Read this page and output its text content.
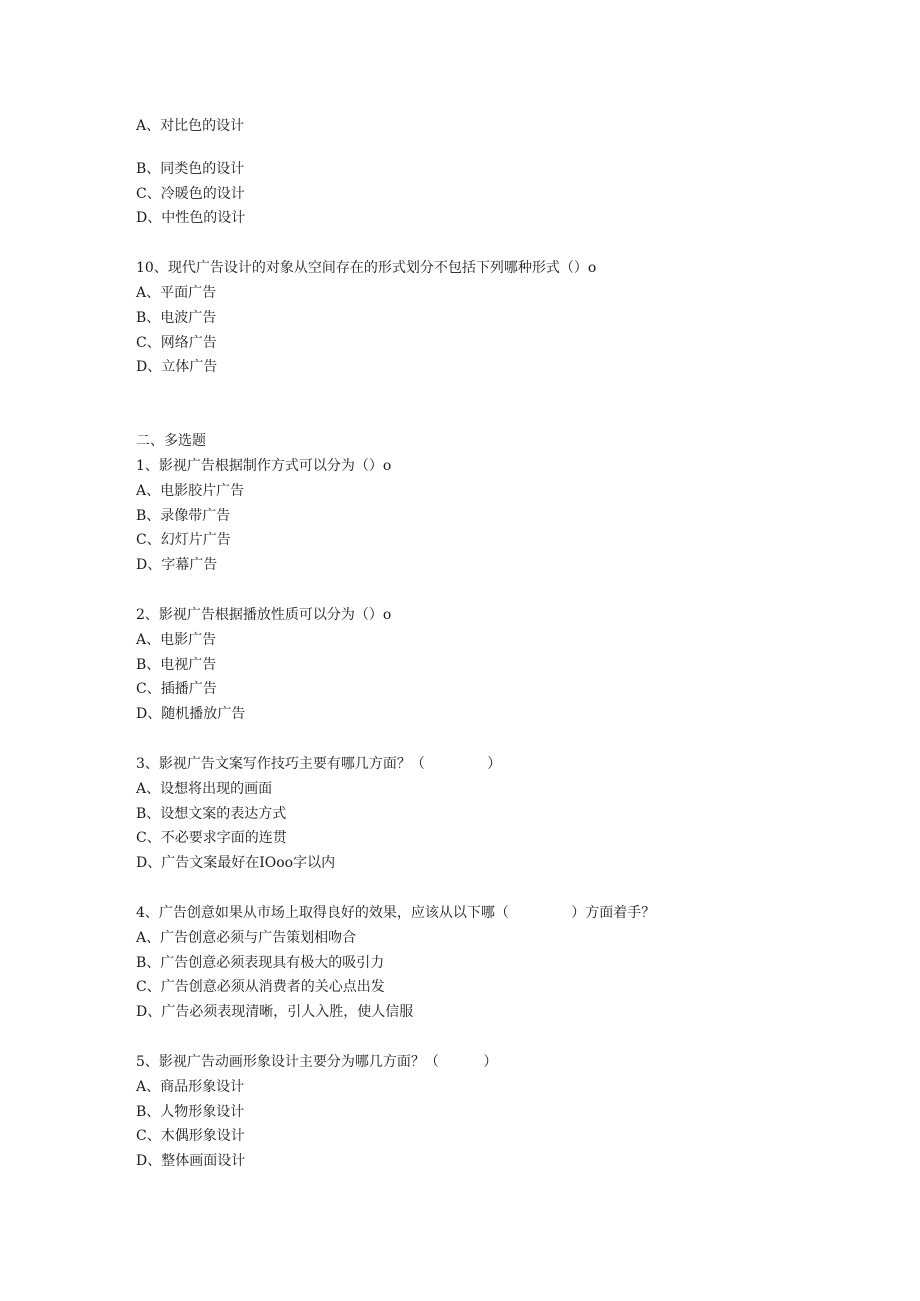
A、对比色的设计
B、同类色的设计
C、冷暖色的设计
D、中性色的设计
10、现代广告设计的对象从空间存在的形式划分不包括下列哪种形式（）o
A、平面广告
B、电波广告
C、网络广告
D、立体广告
二、多选题
1、影视广告根据制作方式可以分为（）o
A、电影胶片广告
B、录像带广告
C、幻灯片广告
D、字幕广告
2、影视广告根据播放性质可以分为（）o
A、电影广告
B、电视广告
C、插播广告
D、随机播放广告
3、影视广告文案写作技巧主要有哪几方面？（              ）
A、设想将出现的画面
B、设想文案的表达方式
C、不必要求字面的连贯
D、广告文案最好在IOoo字以内
4、广告创意如果从市场上取得良好的效果，应该从以下哪（              ）方面着手？
A、广告创意必须与广告策划相吻合
B、广告创意必须表现具有极大的吸引力
C、广告创意必须从消费者的关心点出发
D、广告必须表现清晰，引人入胜，使人信服
5、影视广告动画形象设计主要分为哪几方面？（          ）
A、商品形象设计
B、人物形象设计
C、木偶形象设计
D、整体画面设计
